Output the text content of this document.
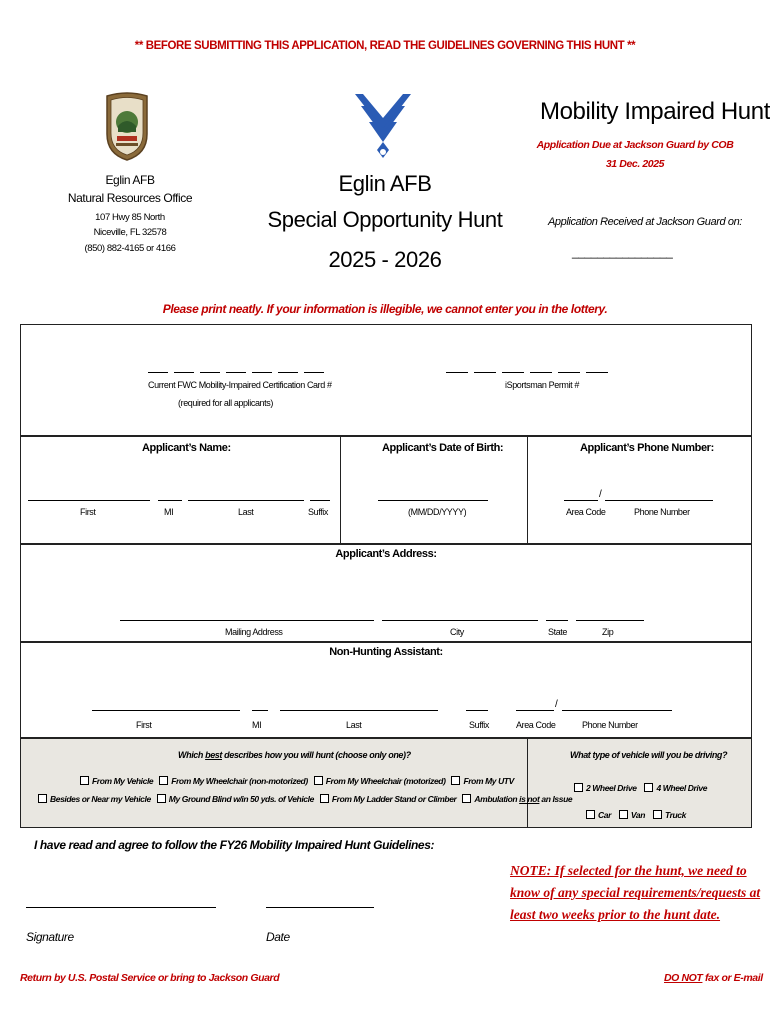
** BEFORE SUBMITTING THIS APPLICATION, READ THE GUIDELINES GOVERNING THIS HUNT **
Eglin AFB
Natural Resources Office
107 Hwy 85 North
Niceville, FL 32578
(850) 882-4165 or 4166
Eglin AFB
Special Opportunity Hunt
2025 - 2026
Mobility Impaired Hunt
Application Due at Jackson Guard by COB
31 Dec. 2025
Application Received at Jackson Guard on:
________________
Please print neatly. If your information is illegible, we cannot enter you in the lottery.
Current FWC Mobility-Impaired Certification Card #
(required for all applicants)
iSportsman Permit #
Applicant’s Name:	Applicant’s Date of Birth:	Applicant’s Phone Number:
First	MI	Last	Suffix	(MM/DD/YYYY)
/
Area Code	Phone Number
Applicant’s Address:
Mailing Address	City	State	Zip
Non-Hunting Assistant:
/
First	MI	Last	Suffix	Area Code	Phone Number
Which best describes how you will hunt (choose only one)?
From My Vehicle From My Wheelchair (non-motorized) From My Wheelchair (motorized) From My UTV
Besides or Near my Vehicle My Ground Blind w/in 50 yds. of Vehicle From My Ladder Stand or Climber Ambulation is not an Issue
What type of vehicle will you be driving?
2 Wheel Drive 4 Wheel Drive
Car Van Truck
I have read and agree to follow the FY26 Mobility Impaired Hunt Guidelines:
NOTE: If selected for the hunt, we need to
know of any special requirements/requests at
least two weeks prior to the hunt date.
Signature	Date
Return by U.S. Postal Service or bring to Jackson Guard	DO NOT fax or E-mail
